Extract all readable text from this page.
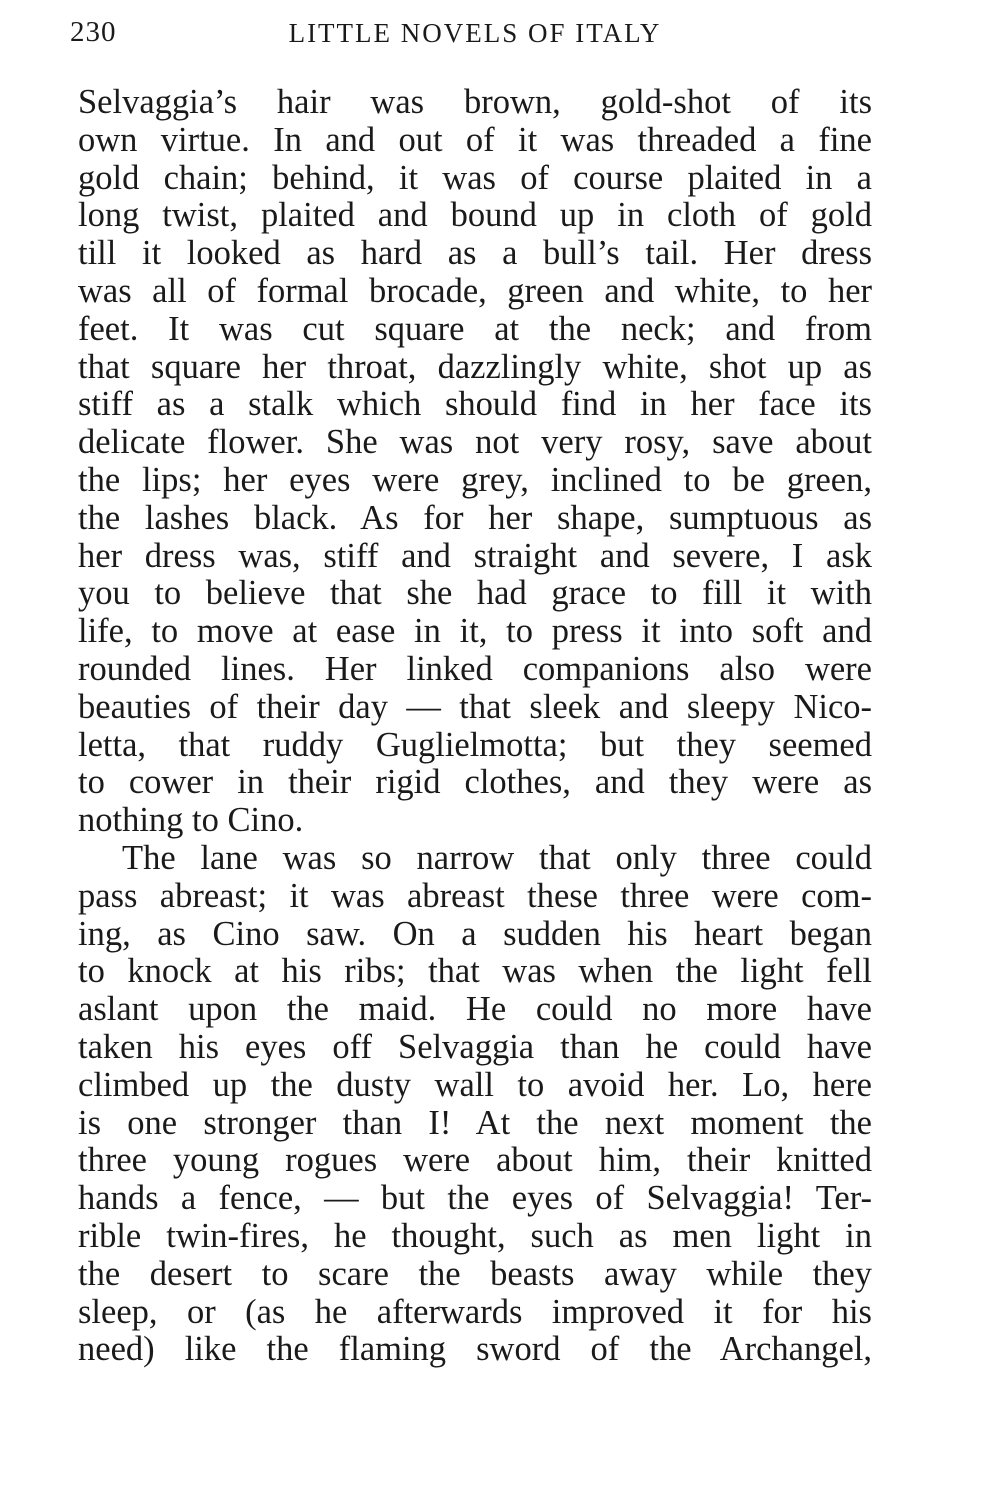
230	LITTLE NOVELS OF ITALY
Selvaggia’s hair was brown, gold-shot of its
own virtue. In and out of it was threaded a fine
gold chain; behind, it was of course plaited in a
long twist, plaited and bound up in cloth of gold
till it looked as hard as a bull’s tail. Her dress
was all of formal brocade, green and white, to her
feet. It was cut square at the neck; and from
that square her throat, dazzlingly white, shot up as
stiff as a stalk which should find in her face its
delicate flower. She was not very rosy, save about
the lips; her eyes were grey, inclined to be green,
the lashes black. As for her shape, sumptuous as
her dress was, stiff and straight and severe, I ask
you to believe that she had grace to fill it with
life, to move at ease in it, to press it into soft and
rounded lines. Her linked companions also were
beauties of their day — that sleek and sleepy Nico-
letta, that ruddy Guglielmotta; but they seemed
to cower in their rigid clothes, and they were as
nothing to Cino.
The lane was so narrow that only three could
pass abreast; it was abreast these three were com-
ing, as Cino saw. On a sudden his heart began
to knock at his ribs; that was when the light fell
aslant upon the maid. He could no more have
taken his eyes off Selvaggia than he could have
climbed up the dusty wall to avoid her. Lo, here
is one stronger than I! At the next moment the
three young rogues were about him, their knitted
hands a fence, — but the eyes of Selvaggia! Ter-
rible twin-fires, he thought, such as men light in
the desert to scare the beasts away while they
sleep, or (as he afterwards improved it for his
need) like the flaming sword of the Archangel,
